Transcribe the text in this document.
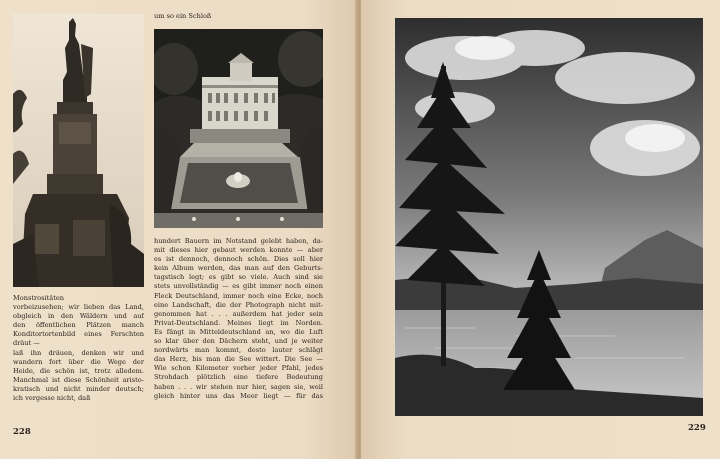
um so ein Schloß
Monstrositäten
vorbeizusehen; wir lieben das Land,
obgleich in den Wäldern und auf
den öffentlichen Plätzen manch
Konditortortenbild eines Ferschten
dräut —
laß ihn dräuen, denken wir und
wandern fort über die Wege der
Heide, die schön ist, trotz alledem.
Manchmal ist diese Schönheit aristo-
kratisch und nicht minder deutsch;
ich vergesse nicht, daß
hundert Bauern im Notstand gelebt haben, da-
mit dieses hier gebaut werden konnte — aber
es ist dennoch, dennoch schön. Dies soll hier
kein Album werden, das man auf den Geburts-
tagstisch legt; es gibt so viele. Auch sind sie
stets unvollständig — es gibt immer noch einen
Fleck Deutschland, immer noch eine Ecke, noch
eine Landschaft, die der Photograph nicht mit-
genommen hat . . . außerdem hat jeder sein
Privat-Deutschland. Meines liegt im Norden.
Es fängt in Mitteldeutschland an, wo die Luft
so klar über den Dächern steht, und je weiter
nordwärts man kommt, desto lauter schlägt
das Herz, bis man die See wittert. Die See —
Wie schon Kilometer vorher jeder Pfahl, jedes
Strohdach plötzlich eine tiefere Bedeutung
haben . . . wir stehen nur hier, sagen sie, weil
gleich hinter uns das Meer liegt — für das
228	229
